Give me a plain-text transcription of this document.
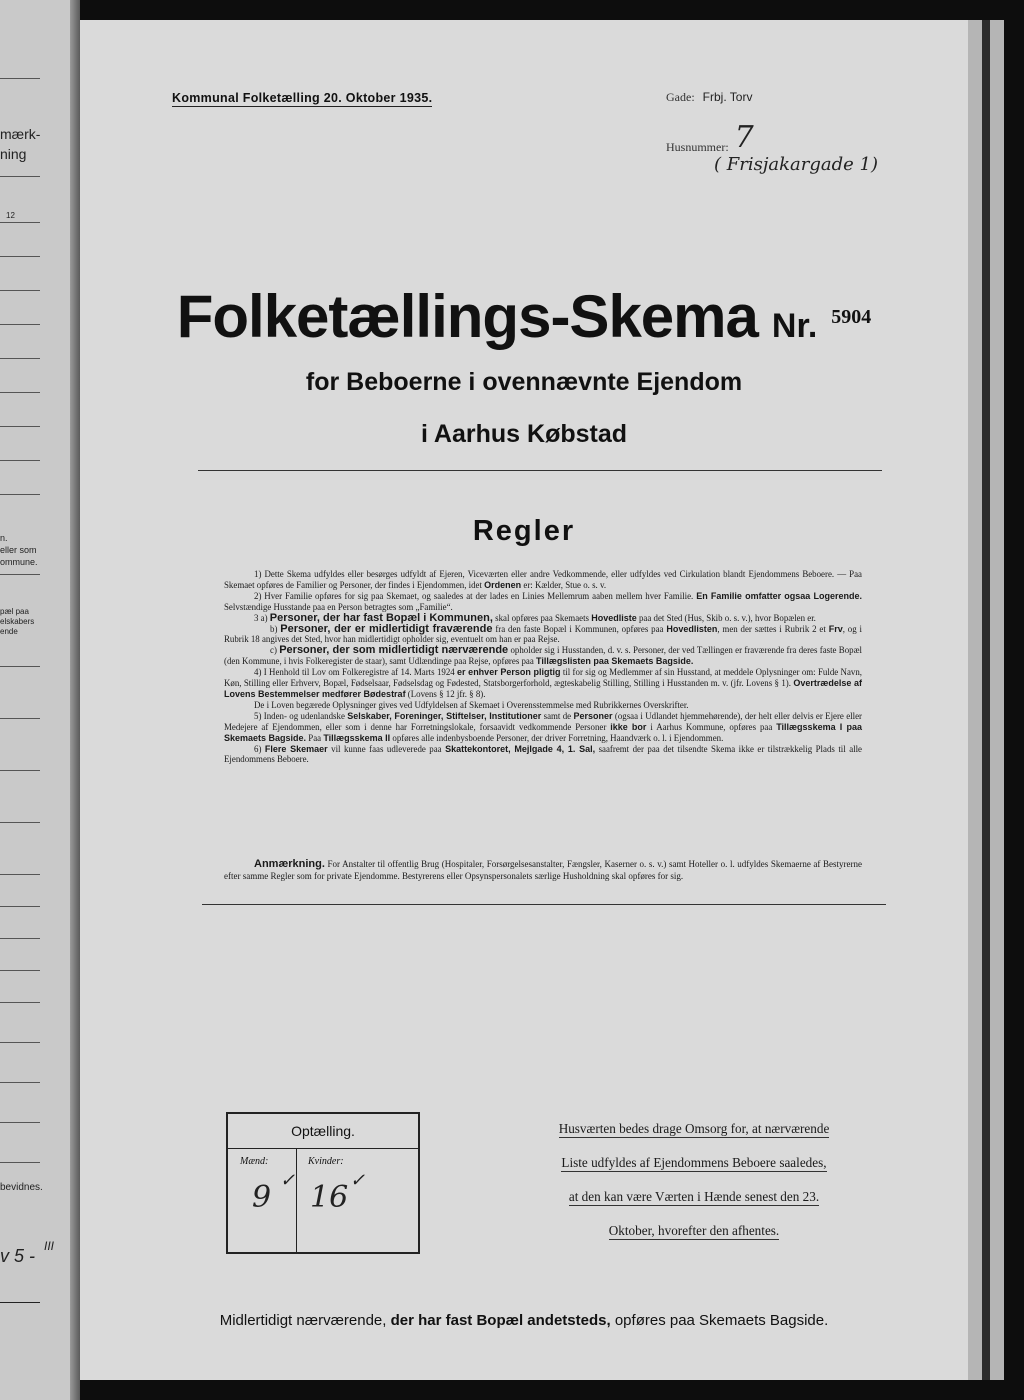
mærk-
ning
12
n.
eller som
ommune.
pæl paa
elskabers
ende
bevidnes.
v 5 - III
Kommunal Folketælling 20. Oktober 1935.	Gade: Frbj. Torv
Husnummer: 7
( Frisjakargade 1)
Folketællings-Skema Nr. 5904
for Beboerne i ovennævnte Ejendom
i Aarhus Købstad
Regler

1) Dette Skema udfyldes eller besørges udfyldt af Ejeren, Viceværten eller andre Vedkommende, eller udfyldes ved Cirkulation blandt Ejendommens Beboere. — Paa Skemaet opføres de Familier og Personer, der findes i Ejendommen, idet Ordenen er: Kælder, Stue o. s. v.

2) Hver Familie opføres for sig paa Skemaet, og saaledes at der lades en Linies Mellemrum aaben mellem hver Familie. En Familie omfatter ogsaa Logerende. Selvstændige Husstande paa en Person betragtes som „Familie“.

3 a) Personer, der har fast Bopæl i Kommunen, skal opføres paa Skemaets Hovedliste paa det Sted (Hus, Skib o. s. v.), hvor Bopælen er.

b) Personer, der er midlertidigt fraværende fra den faste Bopæl i Kommunen, opføres paa Hovedlisten, men der sættes i Rubrik 2 et Frv, og i Rubrik 18 angives det Sted, hvor han midlertidigt opholder sig, eventuelt om han er paa Rejse.

c) Personer, der som midlertidigt nærværende opholder sig i Husstanden, d. v. s. Personer, der ved Tællingen er fraværende fra deres faste Bopæl (den Kommune, i hvis Folkeregister de staar), samt Udlændinge paa Rejse, opføres paa Tillægslisten paa Skemaets Bagside.

4) I Henhold til Lov om Folkeregistre af 14. Marts 1924 er enhver Person pligtig til for sig og Medlemmer af sin Husstand, at meddele Oplysninger om: Fulde Navn, Køn, Stilling eller Erhverv, Bopæl, Fødselsaar, Fødselsdag og Fødested, Statsborgerforhold, ægteskabelig Stilling, Stilling i Husstanden m. v. (jfr. Lovens § 1). Overtrædelse af Lovens Bestemmelser medfører Bødestraf (Lovens § 12 jfr. § 8).

De i Loven begærede Oplysninger gives ved Udfyldelsen af Skemaet i Overensstemmelse med Rubrikkernes Overskrifter.

5) Inden- og udenlandske Selskaber, Foreninger, Stiftelser, Institutioner samt de Personer (ogsaa i Udlandet hjemmehørende), der helt eller delvis er Ejere eller Medejere af Ejendommen, eller som i denne har Forretningslokale, forsaavidt vedkommende Personer ikke bor i Aarhus Kommune, opføres paa Tillægsskema I paa Skemaets Bagside. Paa Tillægsskema II opføres alle indenbysboende Personer, der driver Forretning, Haandværk o. l. i Ejendommen.

6) Flere Skemaer vil kunne faas udleverede paa Skattekontoret, Mejlgade 4, 1. Sal, saafremt der paa det tilsendte Skema ikke er tilstrækkelig Plads til alle Ejendommens Beboere.

Anmærkning. For Anstalter til offentlig Brug (Hospitaler, Forsørgelsesanstalter, Fængsler, Kaserner o. s. v.) samt Hoteller o. l. udfyldes Skemaerne af Bestyrerne efter samme Regler som for private Ejendomme. Bestyrerens eller Opsynspersonalets særlige Husholdning skal opføres for sig.

Optælling.
Mænd:	Kvinder:
9 ✓ 16 ✓
Husværten bedes drage Omsorg for, at nærværende
Liste udfyldes af Ejendommens Beboere saaledes,
at den kan være Værten i Hænde senest den 23.
Oktober, hvorefter den afhentes.
Midlertidigt nærværende, der har fast Bopæl andetsteds, opføres paa Skemaets Bagside.
